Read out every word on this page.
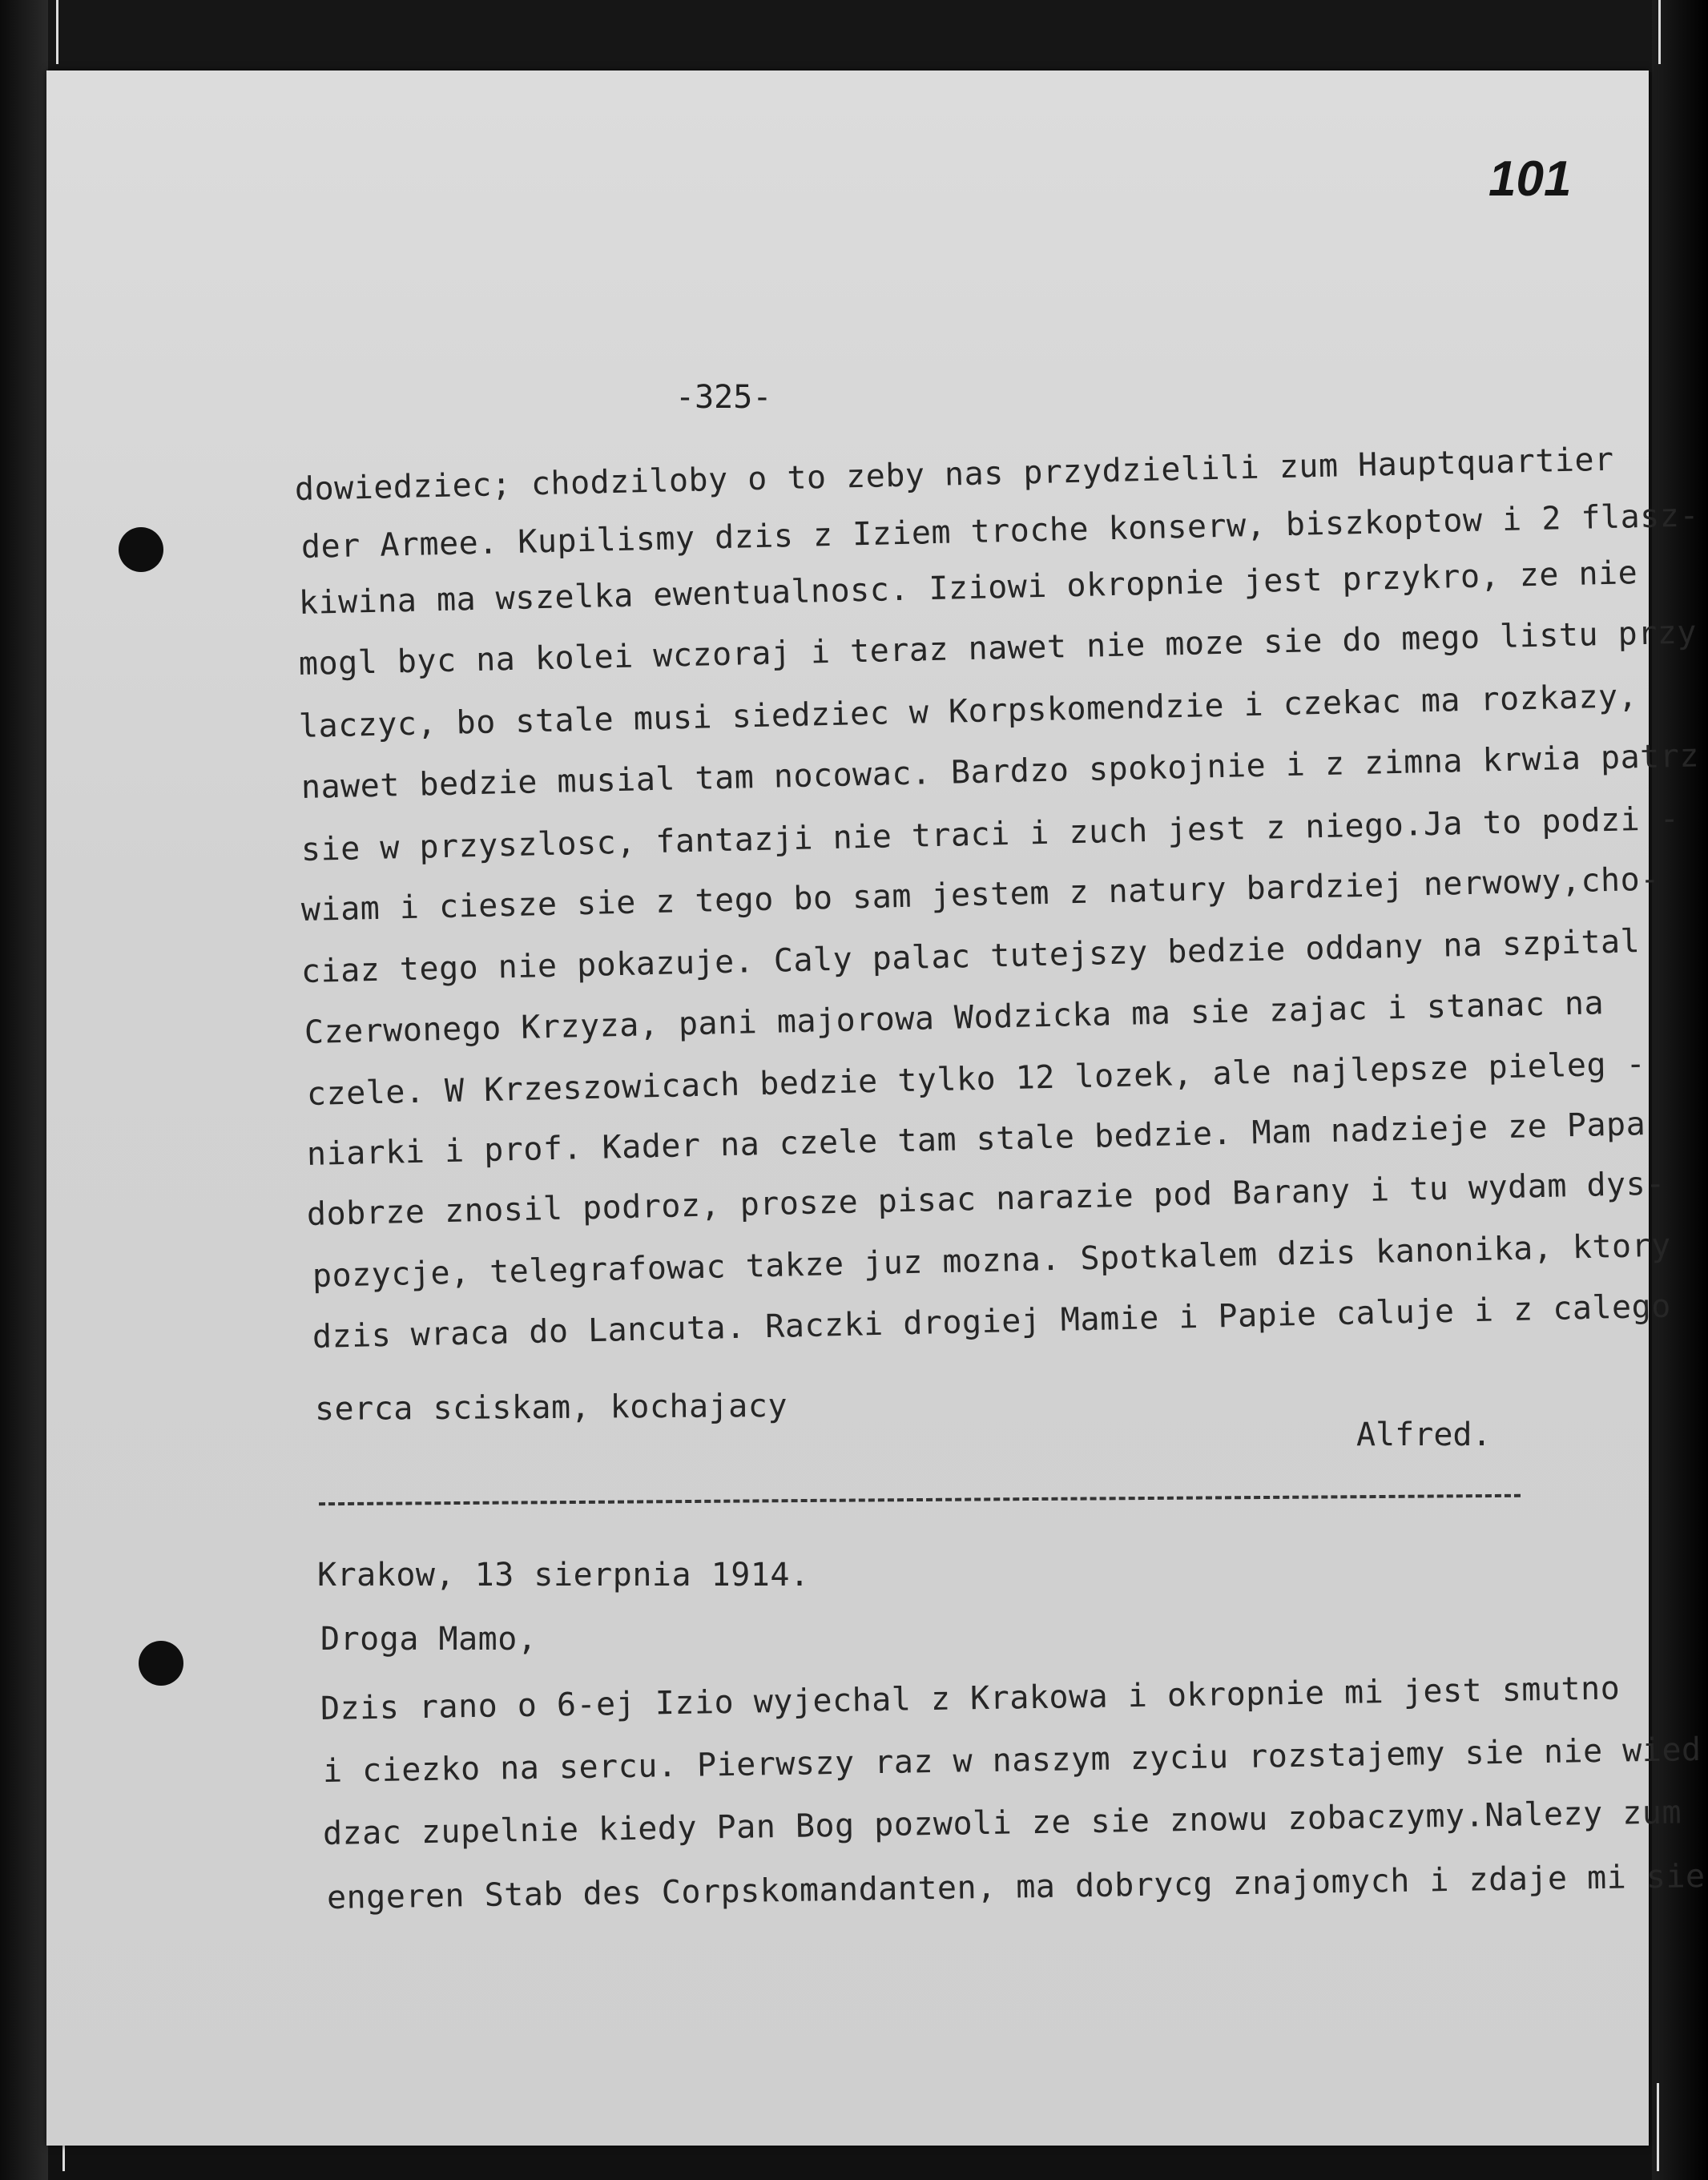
101
-325-
dowiedziec; chodziloby o to zeby nas przydzielili zum Hauptquartier
der Armee. Kupilismy dzis z Iziem troche konserw, biszkoptow i 2 flasz-
kiwina ma wszelka ewentualnosc. Iziowi okropnie jest przykro, ze nie
mogl byc na kolei wczoraj i teraz nawet nie moze sie do mego listu przy
laczyc, bo stale musi siedziec w Korpskomendzie i czekac ma rozkazy,
nawet bedzie musial tam nocowac. Bardzo spokojnie i z zimna krwia patrz
sie w przyszlosc, fantazji nie traci i zuch jest z niego.Ja to podzi -
wiam i ciesze sie z tego bo sam jestem z natury bardziej nerwowy,cho-
ciaz tego nie pokazuje. Caly palac tutejszy bedzie oddany na szpital
Czerwonego Krzyza, pani majorowa Wodzicka ma sie zajac i stanac na
czele. W Krzeszowicach bedzie tylko 12 lozek, ale najlepsze pieleg -
niarki i prof. Kader na czele tam stale bedzie. Mam nadzieje ze Papa
dobrze znosil podroz, prosze pisac narazie pod Barany i tu wydam dys-
pozycje, telegrafowac takze juz mozna. Spotkalem dzis kanonika, ktory
dzis wraca do Lancuta. Raczki drogiej Mamie i Papie caluje i z calego
serca sciskam, kochajacy
Alfred.
Krakow, 13 sierpnia 1914.
Droga Mamo,
Dzis rano o 6-ej Izio wyjechal z Krakowa i okropnie mi jest smutno
i ciezko na sercu. Pierwszy raz w naszym zyciu rozstajemy sie nie wied
dzac zupelnie kiedy Pan Bog pozwoli ze sie znowu zobaczymy.Nalezy zum
engeren Stab des Corpskomandanten, ma dobrycg znajomych i zdaje mi sie
